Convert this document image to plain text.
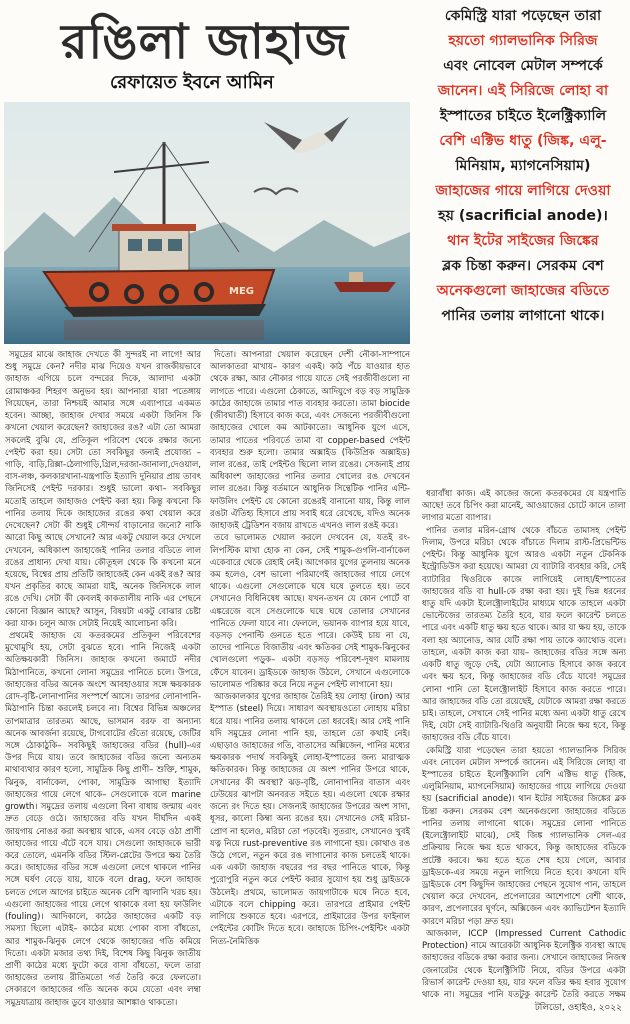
রঙিলা জাহাজ
রেফায়েত ইবনে আমিন
MEG
কেমিস্ট্রি যারা পড়েছেন তারা
হয়তো গ্যালভানিক সিরিজ
এবং নোবেল মেটাল সম্পর্কে
জানেন। এই সিরিজে লোহা বা
ইস্পাতের চাইতে ইলেক্ট্রিক্যালি
বেশি এক্টিভ ধাতু (জিঙ্ক, এলু-
মিনিয়াম, ম্যাগনেসিয়াম)
জাহাজের গায়ে লাগিয়ে দেওয়া
হয় (sacrificial anode)।
থান ইটের সাইজের জিঙ্কের
ব্লক চিন্তা করুন। সেরকম বেশ
অনেকগুলো জাহাজের বডিতে
পানির তলায় লাগানো থাকে।

সমুদ্রের মাঝে জাহাজ দেখতে কী সুন্দরই না লাগে! আর শুধু সমুদ্রে কেন? নদীর মাঝ দিয়েও যখন রাজকীয়ভাবে জাহাজ এগিয়ে চলে বন্দরের দিকে, আলাদা একটা রোমাঞ্চকর শিহরণ অনুভব হয়। আপনারা যারা পতেঙ্গায় গিয়েছেন, তারা নিশ্চয়ই আমার সঙ্গে এব্যাপারে একমত হবেন। আচ্ছা, জাহাজ দেখার সময়ে একটা জিনিস কি কখনো খেয়াল করেছেন? জাহাজের রঙ? এটা তো আমরা সকলেই বুঝি যে, প্রতিকূল পরিবেশ থেকে রক্ষার জন্যে পেইন্ট করা হয়। সেটা তো সবকিছুর জন্যই প্রযোজ্য – গাড়ি, বাড়ি,রিক্সা-ঠেলাগাড়ি,গ্রিল,দরজা-জানালা,দেওয়াল, বাস-লঞ্চ, কলকারখানা-যন্ত্রপাতি ইত্যাদি দুনিয়ার প্রায় তাবৎ জিনিসেই পেইন্ট দরকার। শুধুই ভালো কথা– সবকিছুর মতোই তাহলে জাহাজও পেইন্ট করা হয়। কিন্তু কখনো কি পানির তলায় দিকে জাহাজের রঙের কথা খেয়াল করে দেখেছেন? সেটা কী শুধুই সৌন্দর্য বাড়ানোর জন্যে? নাকি আরো কিছু আছে সেখানে? আর একটু খেয়াল করে দেখলে দেখবেন, অধিকাংশ জাহাজেই পানির তলার বডিতে লাল রঙের প্রাধান্য দেখা যায়। কৌতূহল থেকে কি কখনো মনে হয়েছে, বিশ্বের প্রায় প্রতিটি জাহাজেই কেন একই রঙ? আর যখন প্রকৃতির কাছে আমরা যাই, অনেক জিনিসকে লাল রঙে দেখি। সেটা কী কেবলই কাকতালীয় নাকি এর পেছনে কোনো বিজ্ঞান আছে? আসুন, বিষয়টা একটু বোঝার চেষ্টা করা যাক। চলুন আজ সেটাই নিয়েই আলোচনা করি।

প্রথমেই জাহাজ যে কতরকমের প্রতিকূল পরিবেশের মুখোমুখি হয়, সেটা বুঝতে হবে। পানি নিজেই একটা অতিক্ষয়কারী জিনিস। জাহাজ কখনো জমাটে নদীর মিঠাপানিতে, কখনো লোনা সমুদ্রের পানিতে চলে। উপরে, জাহাজের বডির অনেক অংশে আবহাওয়ার সঙ্গে ক্ষয়কারক রোদ-বৃষ্টি-লোনাপানির সংস্পর্শে আসে। তারপর লোনাপানি-মিঠাপানি চিন্তা করলেই চলবে না। বিশ্বের বিভিন্ন অঞ্চলের তাপমাত্রার তারতম্য আছে, ভাসমান বরফ বা অন্যান্য অনেক আবর্জনা রয়েছে, টাগবোটের গুঁতো রয়েছে, জেটির সঙ্গে ঠোকাঠুকি– সবকিছুই জাহাজের বডির (hull)-এর উপর দিয়ে যায়। তবে জাহাজের বডির জন্যে অন্যতম মাথাব্যথার কারণ হলো, সামুদ্রিক কিছু প্রাণী– শুক্তি, শামুক, ঝিনুক, বার্নাকেল, পোকা, সামুদ্রিক আগাছা ইত্যাদি জাহাজের গায়ে লেগে থাকে– সেগুলোকে বলে marine growth। সমুদ্রের তলায় এগুলো বিনা বাধায় জন্মায় এবং দ্রুত বেড়ে ওঠে। জাহাজের বডি যখন দীর্ঘদিন একই জায়গায় নোঙর করা অবস্থায় থাকে, এসব বেড়ে ওঠা প্রাণী জাহাজের গায়ে এঁটে বসে যায়। সেগুলো জাহাজকে ভারী করে তোলে, এমনকি বডির স্টিল-প্লেটের উপরে ক্ষয় তৈরি করে। জাহাজের বডির সঙ্গে এগুলো লেগে থাকলে পানির সঙ্গে ঘর্ষণ বেড়ে যায়, যাকে বলে drag, ফলে জাহাজ চলতে গেলে আগের চাইতে অনেক বেশি জ্বালানি খরচ হয়। এগুলো জাহাজের গায়ে লেগে থাকাকে বলা হয় ফাউলিং (fouling)। আদিকালে, কাঠের জাহাজের একটি বড় সমস্যা ছিলো এটাই– কাঠের মধ্যে পোকা বাসা বাঁধতো, আর শামুক-ঝিনুক লেগে থেকে জাহাজের গতি কমিয়ে দিতো। একটা মজার তথ্য দিই, বিশেষ কিছু ঝিনুক জাতীয় প্রাণী কাঠের মধ্যে ফুটো করে বাসা বাঁধতো, ফলে তারা জাহাজের তলায় রীতিমতো গর্ত তৈরি করে ফেলতো। সেকারণে জাহাজের গতি অনেক কমে যেতো এবং লম্বা সমুদ্রযাত্রায় জাহাজ ডুবে যাওয়ার আশঙ্কাও থাকতো।

দিতো। আপনারা খেয়াল করেছেন দেশী নৌকা-সাম্পানে আলকাতরা মাখায়– কারণ একই। কাঠ পঁচে যাওয়ার হাত থেকে রক্ষা, আর নৌকার গায়ে যাতে সেই পরজীবীগুলো না লাগতে পারে। এগুলো ঠেকাতে, আদিযুগে বড় বড় সামুদ্রিক কাঠের জাহাজে তামার পাত ব্যবহার করতো। তামা biocide (জীবঘাতী) হিসাবে কাজ করে, এবং সেজন্যে পরজীবীগুলো জাহাজের খোলে কম আটকাতো। আধুনিক যুগে এসে, তামার পাতের পরিবর্তে তামা বা copper-based পেইন্ট ব্যবহার শুরু হলো। তামার অক্সাইড (কিউপ্রিক অক্সাইড) লাল রঙের, তাই পেইন্টও ছিলো লাল রঙের। সেজন্যই প্রায় অধিকাংশ জাহাজের পানির তলার খোলের রঙ দেখবেন লাল রঙের। কিন্তু বর্তমানে আধুনিক সিন্থেটিক পানির এন্টি-ফাউলিং পেইন্ট যে কোনো রঙেরই বানানো যায়, কিন্তু লাল রঙটা ঐতিহ্য হিসাবে প্রায় সবাই ধরে রেখেছে, যদিও অনেক জাহাজই ট্রেডিশন বজায় রাখতে এখনও লাল রঙই করে।

তবে ভালোমত খেয়াল করলে দেখবেন যে, যতই রং-লিপস্টিক মাখা হোক না কেন, সেই শামুক-গুগলি-বার্নাকেল একেবারে থেকে রেহাই নেই। আগেকার যুগের তুলনায় অনেক কম হলেও, বেশ ভালো পরিমাণেই জাহাজের গায়ে লেগে থাকে। এগুলো সেগুলোকে ঘষে ঘষে তুলতে হয়। তবে সেখানেও বিধিনিষেধ আছে। যখন-তখন যে কোন পোর্টে বা এঙ্করেজে বসে সেগুলোকে ঘষে ঘষে তোলার সেখানের পানিতে ফেলা যাবে না। ফেললে, ভয়ানক ব্যাপার হয়ে যাবে, বড়সড় পেনাল্টি গুনতে হতে পারে। কেউই চায় না যে, তাদের পানিতে বিজাতীয় এবং ক্ষতিকর সেই শামুক-ঝিনুকের খোলগুলো পড়ুক– একটা বড়সড় পরিবেশ-দূষণ মামলায় ফেঁসে যাবেন। ড্রাইডকে জাহাজ উঠলে, সেখানে এগুলোকে ভালোমত পরিষ্কার করে নিয়ে নতুন পেইন্ট লাগানো হয়।

আজকালকার যুগের জাহাজ তৈরিই হয় লোহা (iron) আর ইস্পাত (steel) দিয়ে। সাধারণ অবস্থায়ওতো লোহায় মরিচা ধরে যায়। পানির তলায় থাকলে তো ধরবেই। আর সেই পানি যদি সমুদ্রের লোনা পানি হয়, তাহলে তো কথাই নেই। এছাড়াও জাহাজের গতি, বাতাসের অক্সিজেন, পানির মধ্যের ক্ষয়কারক পদার্থ সবকিছুই লোহা-ইস্পাতের জন্য মারাত্মক ক্ষতিকারক। কিন্তু জাহাজের যে অংশ পানির উপরে থাকে, সেখানের কী অবস্থা? ঝড়-বৃষ্টি, লোনাপানির বাতাস এবং ঢেউয়ের ঝাপটা অনবরত সইতে হয়। এগুলো থেকে রক্ষার জন্যে রং দিতে হয়। সেজন্যই জাহাজের উপরের অংশ সাদা, ধূসর, কালো কিম্বা অন্য রঙের হয়। সেখানেও সেই মরিচা-প্রোণ না হলেও, মরিচা তো পড়বেই। সুতরাং, সেখানেও খুবই যত্ন নিয়ে rust-preventive রঙ লাগানো হয়। কোথাও রঙ উঠে গেলে, নতুন করে রঙ লাগানোর কাজ চলতেই থাকে। এক একটা জাহাজ বছরের পর বছর পানিতে থাকে, কিন্তু পুরোপুরি নতুন করে পেইন্ট করার সুযোগ হয় শুধু ড্রাইডকে উঠলেই। প্রথমে, ভালোমত জায়গাটাকে ঘষে নিতে হবে, এটাকে বলে chipping করে। তারপরে প্রাইমার পেইন্ট লাগিয়ে শুকাতে হবে। এরপরে, প্রাইমারের উপর ফাইনাল পেইন্টের কোটিং দিতে হবে। জাহাজে চিপিং-পেইন্টিং একটা নিত্য-নৈমিত্তিক

ধরাবাঁধা কাজ। এই কাজের জন্যে কতরকমের যে যন্ত্রপাতি আছে! তবে চিপিং করা মানেই, আওয়াজের চোটে কানে তালা লাগার মতো ব্যাপার।

পানির তলার মরিন-গ্রোথ থেকে বাঁচতে তামাসহ পেইন্ট দিলাম, উপরে মরিচা থেকে বাঁচাতে দিলাম রাস্ট-প্রিভেন্টিভ পেইন্ট। কিন্তু আধুনিক যুগে আরও একটা নতুন টেকনিক ইন্ট্রোডিউস করা হয়েছে। আমরা যে ব্যাটারি ব্যবহার করি, সেই ব্যাটারির থিওরিকে কাজে লাগিয়েই লোহা/ইস্পাতের জাহাজের বডি বা hull-কে রক্ষা করা হয়। দুই ভিন্ন ধরনের ধাতু যদি একটা ইলেক্ট্রোলাইটের মাধ্যমে থাকে তাহলে একটা ভোল্টেজের তারতম্য তৈরি হবে, যার ফলে কারেন্ট চলতে পারে এবং একটি ধাতু ক্ষয় হতে থাকে। আর যা ক্ষয় হয়, তাকে বলা হয় অ্যানোড, আর যেটি রক্ষা পায় তাকে ক্যাথোড বলে। তাহলে, একটা কাজ করা যায়– জাহাজের বডির সঙ্গে অন্য একটি ধাতু জুড়ে দেই, যেটা অ্যানোড হিসাবে কাজ করবে এবং ক্ষয় হবে, কিন্তু জাহাজের বডি বেঁচে যাবে! সমুদ্রের লোনা পানি তো ইলেক্ট্রোলাইট হিসাবে কাজ করতে পারে। আর জাহাজের বডি তো রয়েছেই, যেটাকে আমরা রক্ষা করতে চাই। তাহলে, সেখানে সেই পানির মধ্যে অন্য একটা ধাতু রেখে দিই, যেটা সেই ব্যাটারি-থিওরি অনুযায়ী নিজে ক্ষয় হবে, কিন্তু জাহাজের বডি বেঁচে যাবে।

কেমিস্ট্রি যারা পড়েছেন তারা হয়তো গ্যালভানিক সিরিজ এবং নোবেল মেটাল সম্পর্কে জানেন। এই সিরিজে লোহা বা ইস্পাতের চাইতে ইলেক্ট্রিক্যালি বেশি এক্টিভ ধাতু (জিঙ্ক, এলুমিনিয়াম, ম্যাগনেসিয়াম) জাহাজের গায়ে লাগিয়ে দেওয়া হয় (sacrificial anode)। থান ইটের সাইজের জিঙ্কের ব্লক চিন্তা করুন। সেরকম বেশ অনেকগুলো জাহাজের বডিতে পানির তলায় লাগানো থাকে। সমুদ্রের লোনা পানিতে (ইলেক্ট্রোলাইট মাঝে), সেই জিঙ্ক গ্যালভানিক সেল-এর প্রক্রিয়ায় নিজে ক্ষয় হতে থাকবে, কিন্তু জাহাজের বডিকে প্রটেক্ট করবে। ক্ষয় হতে হতে শেষ হয়ে গেলে, আবার ড্রাইডকে-এর সময়ে নতুন লাগিয়ে নিতে হবে। কখনো যদি ড্রাইডকে বেশ কিছুদিন জাহাজের পেছনে সুযোগ পান, তাহলে খেয়াল করে দেখবেন, প্রপেলারের আশেপাশে বেশী থাকে, কারণ, প্রপেলারের ঘূর্ণনে, অক্সিজেন এবং ক্যাভিটেশন ইত্যাদি কারণে মরিচা পড়া দ্রুত হয়।

আজকাল, ICCP (Impressed Current Cathodic Protection) নামে আরেকটা আধুনিক ইলেক্ট্রিক ব্যবস্থা আছে জাহাজের বডিকে রক্ষা করার জন্য। সেখানে জাহাজের নিজস্ব জেনারেটর থেকে ইলেক্ট্রিসিটি নিয়ে, বডির উপরে একটা রিভার্স কারেন্ট দেওয়া হয়, যার ফলে বডির ক্ষয় হবার সুযোগ থাকে না। সমুদ্রের পানি যতটুকু কারেন্ট তৈরি করতে সক্ষম

টলিডো, ওহাইও, ২০২২
